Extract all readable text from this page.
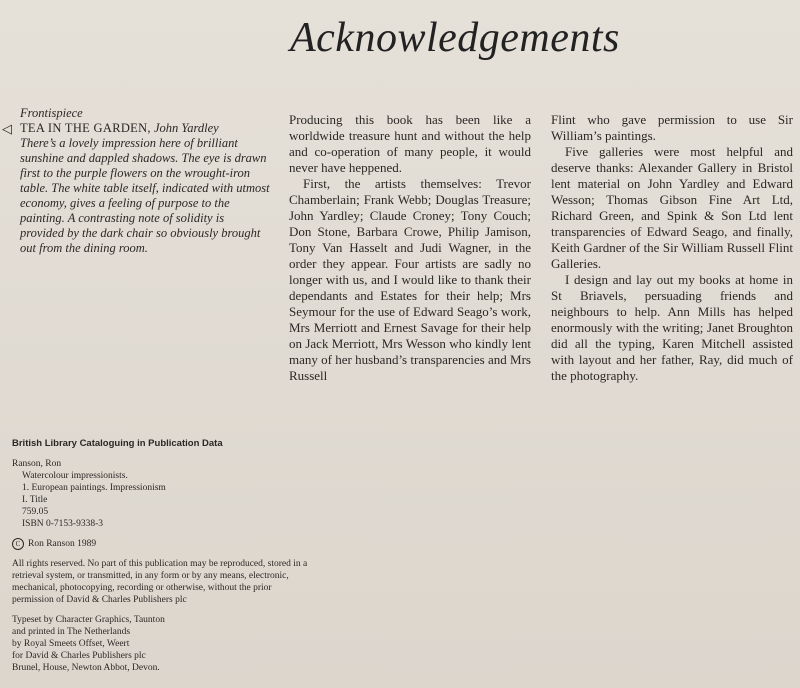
Acknowledgements
Frontispiece
◁ TEA IN THE GARDEN, John Yardley
There’s a lovely impression here of brilliant sunshine and dappled shadows. The eye is drawn first to the purple flowers on the wrought-iron table. The white table itself, indicated with utmost economy, gives a feeling of purpose to the painting. A contrasting note of solidity is provided by the dark chair so obviously brought out from the dining room.

Producing this book has been like a worldwide treasure hunt and without the help and co-operation of many people, it would never have heppened.

First, the artists themselves: Trevor Chamberlain; Frank Webb; Douglas Treasure; John Yardley; Claude Croney; Tony Couch; Don Stone, Barbara Crowe, Philip Jamison, Tony Van Hasselt and Judi Wagner, in the order they appear. Four artists are sadly no longer with us, and I would like to thank their dependants and Estates for their help; Mrs Seymour for the use of Edward Seago’s work, Mrs Merriott and Ernest Savage for their help on Jack Merriott, Mrs Wesson who kindly lent many of her husband’s transparencies and Mrs Russell

Flint who gave permission to use Sir William’s paintings.

Five galleries were most helpful and deserve thanks: Alexander Gallery in Bristol lent material on John Yardley and Edward Wesson; Thomas Gibson Fine Art Ltd, Richard Green, and Spink & Son Ltd lent transparencies of Edward Seago, and finally, Keith Gardner of the Sir William Russell Flint Galleries.

I design and lay out my books at home in St Briavels, persuading friends and neighbours to help. Ann Mills has helped enormously with the writing; Janet Broughton did all the typing, Karen Mitchell assisted with layout and her father, Ray, did much of the photography.

British Library Cataloguing in Publication Data
Ranson, Ron
Watercolour impressionists.
1. European paintings. Impressionism
I. Title
759.05
ISBN 0-7153-9338-3
C Ron Ranson 1989
All rights reserved. No part of this publication may be reproduced, stored in a retrieval system, or transmitted, in any form or by any means, electronic, mechanical, photocopying, recording or otherwise, without the prior permission of David & Charles Publishers plc
Typeset by Character Graphics, Taunton
and printed in The Netherlands
by Royal Smeets Offset, Weert
for David & Charles Publishers plc
Brunel, House, Newton Abbot, Devon.
